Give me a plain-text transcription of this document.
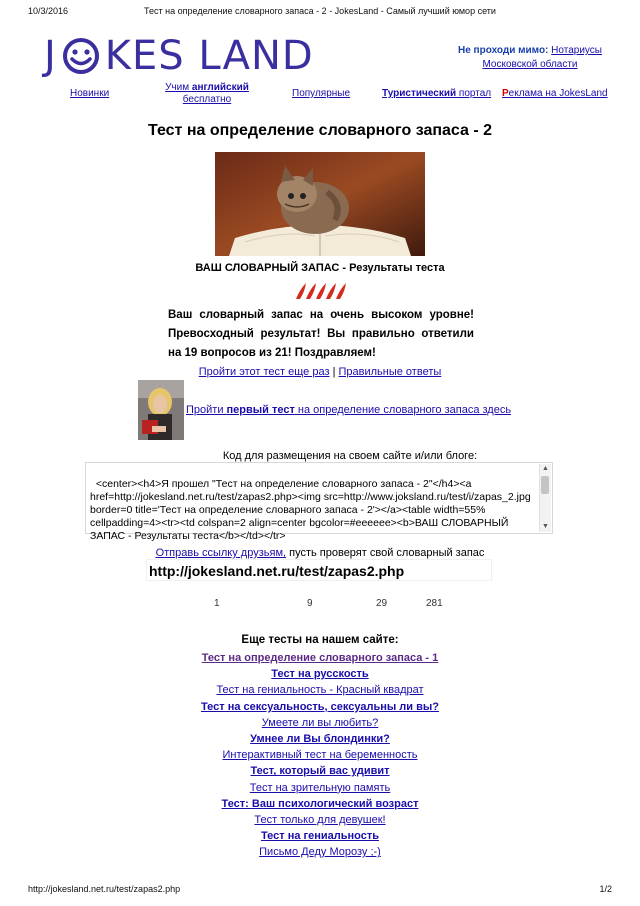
10/3/2016	Тест на определение словарного запаса - 2 - JokesLand - Самый лучший юмор сети
J KES LAND	Не проходи мимо: Нотариусы Московской области
Новинки
Учим английский
бесплатно
Популярные	Туристический портал Реклама на JokesLand
Тест на определение словарного запаса - 2
ВАШ СЛОВАРНЫЙ ЗАПАС - Результаты теста
Ваш словарный запас на очень высоком уровне! Превосходный результат! Вы правильно ответили на 19 вопросов из 21! Поздравляем!
Пройти этот тест еще раз | Правильные ответы
Пройти первый тест на определение словарного запаса здесь
Код для размещения на своем сайте и/или блоге:

<center><h4>Я прошел "Тест на определение словарного запаса - 2"</h4><a href=http://jokesland.net.ru/test/zapas2.php><img src=http://www.joksland.ru/test/i/zapas_2.jpg border=0 title='Тест на определение словарного запаса - 2'></a><table width=55% cellpadding=4><tr><td colspan=2 align=center bgcolor=#eeeeee><b>ВАШ СЛОВАРНЫЙ ЗАПАС - Результаты теста</b></td></tr>

▲

▼

Отправь ссылку друзьям, пусть проверят свой словарный запас
http://jokesland.net.ru/test/zapas2.php
1	9	29	281
Еще тесты на нашем сайте:
Тест на определение словарного запаса - 1
Тест на русскость
Тест на гениальность - Красный квадрат
Тест на сексуальность, сексуальны ли вы?
Умеете ли вы любить?
Умнее ли Вы блондинки?
Интерактивный тест на беременность
Тест, который вас удивит
Тест на зрительную память
Тест: Ваш психологический возраст
Тест только для девушек!
Тест на гениальность
Письмо Деду Морозу ;-)
http://jokesland.net.ru/test/zapas2.php	1/2
